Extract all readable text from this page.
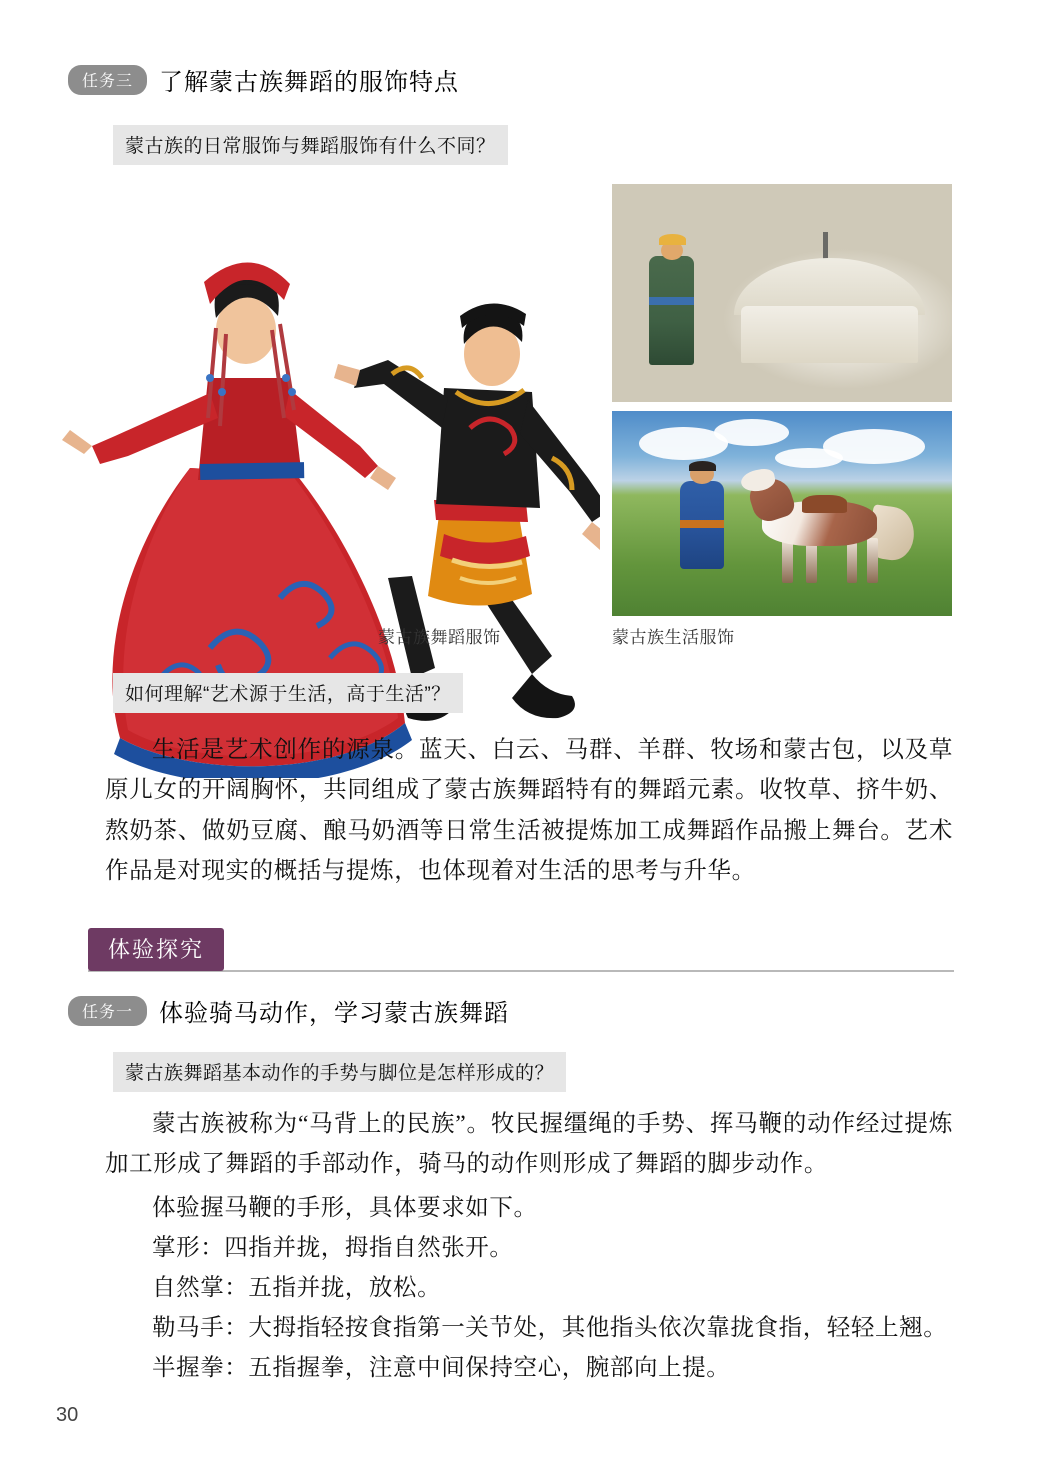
任务三	了解蒙古族舞蹈的服饰特点
蒙古族的日常服饰与舞蹈服饰有什么不同？
蒙古族舞蹈服饰	蒙古族生活服饰
如何理解“艺术源于生活，高于生活”？
生活是艺术创作的源泉。蓝天、白云、马群、羊群、牧场和蒙古包，以及草原儿女的开阔胸怀，共同组成了蒙古族舞蹈特有的舞蹈元素。收牧草、挤牛奶、熬奶茶、做奶豆腐、酿马奶酒等日常生活被提炼加工成舞蹈作品搬上舞台。艺术作品是对现实的概括与提炼，也体现着对生活的思考与升华。
体验探究
任务一	体验骑马动作，学习蒙古族舞蹈
蒙古族舞蹈基本动作的手势与脚位是怎样形成的？
蒙古族被称为“马背上的民族”。牧民握缰绳的手势、挥马鞭的动作经过提炼加工形成了舞蹈的手部动作，骑马的动作则形成了舞蹈的脚步动作。
体验握马鞭的手形，具体要求如下。
掌形：四指并拢，拇指自然张开。
自然掌：五指并拢，放松。
勒马手：大拇指轻按食指第一关节处，其他指头依次靠拢食指，轻轻上翘。
半握拳：五指握拳，注意中间保持空心，腕部向上提。
30
